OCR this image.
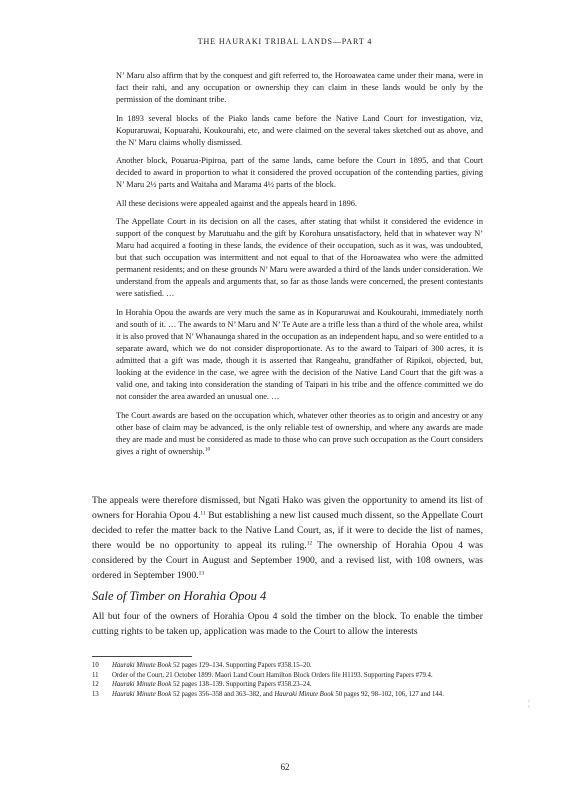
THE HAURAKI TRIBAL LANDS—PART 4

N’ Maru also affirm that by the conquest and gift referred to, the Horoawatea came under their mana, were in fact their rahi, and any occupation or ownership they can claim in these lands would be only by the permission of the dominant tribe.

In 1893 several blocks of the Piako lands came before the Native Land Court for investigation, viz, Kopuraruwai, Kopuarahi, Koukourahi, etc, and were claimed on the several takes sketched out as above, and the N’ Maru claims wholly dismissed.

Another block, Pouarua-Pipiroa, part of the same lands, came before the Court in 1895, and that Court decided to award in proportion to what it considered the proved occupation of the contending parties, giving N’ Maru 2½ parts and Waitaha and Marama 4½ parts of the block.

All these decisions were appealed against and the appeals heard in 1896.

The Appellate Court in its decision on all the cases, after stating that whilst it considered the evidence in support of the conquest by Marutuahu and the gift by Korohura unsatisfactory, held that in whatever way N’ Maru had acquired a footing in these lands, the evidence of their occupation, such as it was, was undoubted, but that such occupation was intermittent and not equal to that of the Horoawatea who were the admitted permanent residents; and on these grounds N’ Maru were awarded a third of the lands under consideration. We understand from the appeals and arguments that, so far as those lands were concerned, the present contestants were satisfied. …

In Horahia Opou the awards are very much the same as in Kopuraruwai and Koukourahi, immediately north and south of it. … The awards to N’ Maru and N’ Te Aute are a trifle less than a third of the whole area, whilst it is also proved that N’ Whanaunga shared in the occupation as an independent hapu, and so were entitled to a separate award, which we do not consider disproportionate. As to the award to Taipari of 300 acres, it is admitted that a gift was made, though it is asserted that Rangeahu, grandfather of Ripikoi, objected, but, looking at the evidence in the case, we agree with the decision of the Native Land Court that the gift was a valid one, and taking into consideration the standing of Taipari in his tribe and the offence committed we do not consider the area awarded an unusual one. …

The Court awards are based on the occupation which, whatever other theories as to origin and ancestry or any other base of claim may be advanced, is the only reliable test of ownership, and where any awards are made they are made and must be considered as made to those who can prove such occupation as the Court considers gives a right of ownership.$^{10}$

The appeals were therefore dismissed, but Ngati Hako was given the opportunity to amend its list of owners for Horahia Opou 4.11 But establishing a new list caused much dissent, so the Appellate Court decided to refer the matter back to the Native Land Court, as, if it were to decide the list of names, there would be no opportunity to appeal its ruling.$^{12}$ The ownership of Horahia Opou 4 was considered by the Court in August and September 1900, and a revised list, with 108 owners, was ordered in September 1900.13

Sale of Timber on Horahia Opou 4

All but four of the owners of Horahia Opou 4 sold the timber on the block. To enable the timber cutting rights to be taken up, application was made to the Court to allow the interests

10	Hauraki Minute Book 52 pages 129–134. Supporting Papers #358.15–20.
11	Order of the Court, 21 October 1899. Maori Land Court Hamilton Block Orders file H1193. Supporting Papers #79.4.
12	Hauraki Minute Book 52 pages 138–139. Supporting Papers #358.23–24.
13	Hauraki Minute Book 52 pages 356–358 and 363–382, and Hauraki Minute Book 50 pages 92, 98–102, 106, 127 and 144.
¦
62
